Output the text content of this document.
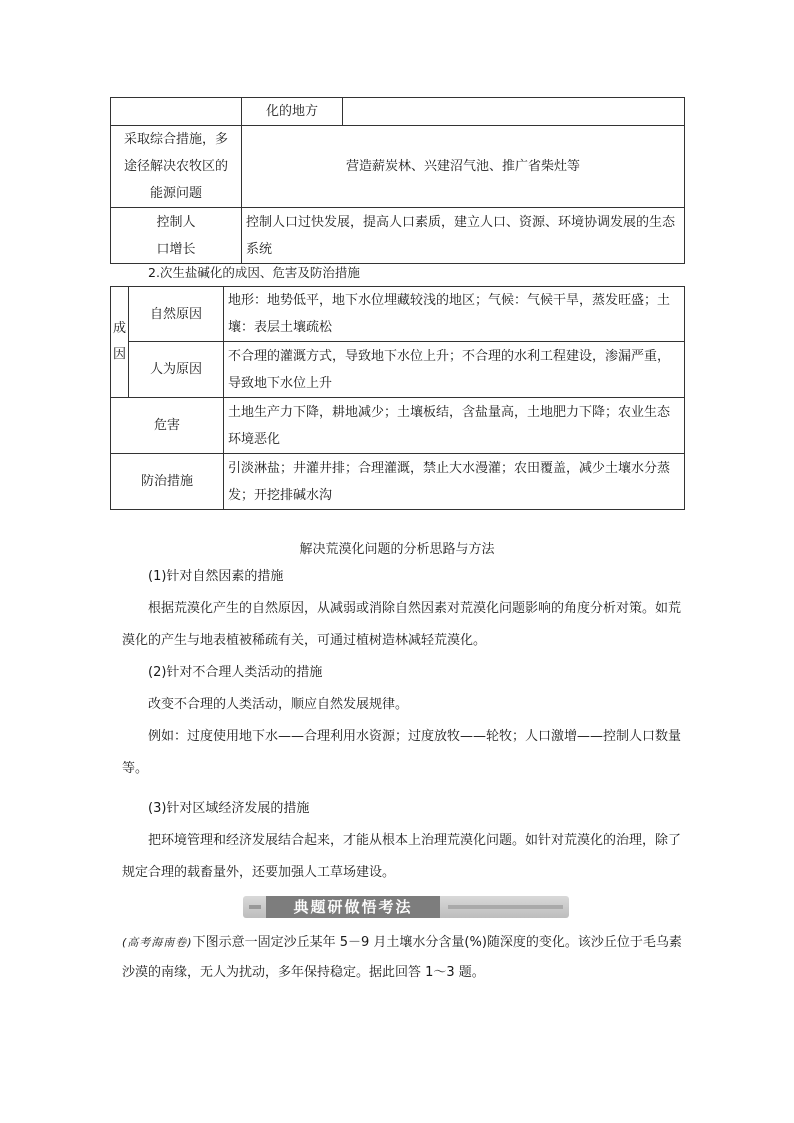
	化的地方	

采取综合措施，多
途径解决农牧区的
能源问题	营造薪炭林、兴建沼气池、推广省柴灶等	

控制人
口增长	控制人口过快发展，提高人口素质，建立人口、资源、环境协调发展的生态系统	
2.次生盐碱化的成因、危害及防治措施
成
因	自然原因	地形：地势低平，地下水位埋藏较浅的地区；气候：气候干旱，蒸发旺盛；土壤：表层土壤疏松
	人为原因	不合理的灌溉方式，导致地下水位上升；不合理的水利工程建设，渗漏严重，导致地下水位上升
危害		土地生产力下降，耕地减少；土壤板结，含盐量高，土地肥力下降；农业生态环境恶化
防治措施		引淡淋盐；井灌井排；合理灌溉，禁止大水漫灌；农田覆盖，减少土壤水分蒸发；开挖排碱水沟
解决荒漠化问题的分析思路与方法
(1)针对自然因素的措施
根据荒漠化产生的自然原因，从减弱或消除自然因素对荒漠化问题影响的角度分析对策。如荒漠化的产生与地表植被稀疏有关，可通过植树造林减轻荒漠化。
(2)针对不合理人类活动的措施
改变不合理的人类活动，顺应自然发展规律。
例如：过度使用地下水——合理利用水资源；过度放牧——轮牧；人口激增——控制人口数量等。
(3)针对区域经济发展的措施
把环境管理和经济发展结合起来，才能从根本上治理荒漠化问题。如针对荒漠化的治理，除了规定合理的载畜量外，还要加强人工草场建设。
典题研做悟考法
(高考海南卷)下图示意一固定沙丘某年 5－9 月土壤水分含量(%)随深度的变化。该沙丘位于毛乌素沙漠的南缘，无人为扰动，多年保持稳定。据此回答 1～3 题。
